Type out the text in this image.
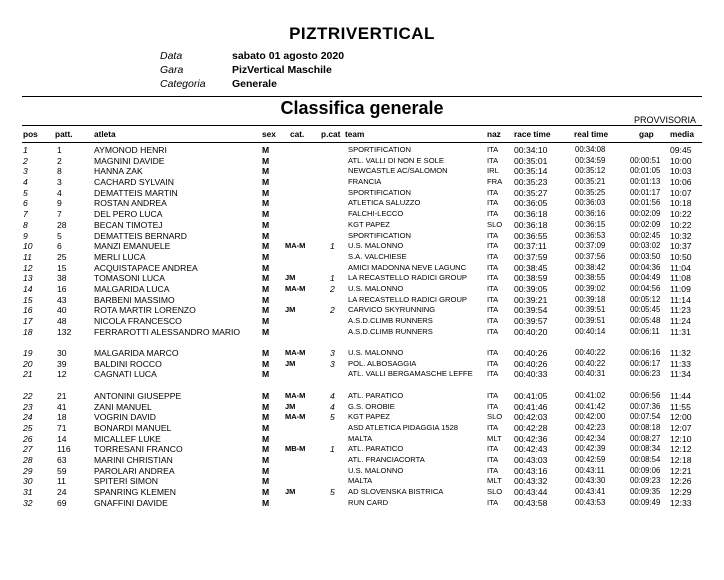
PIZTRIVERTICAL
Data	sabato 01 agosto 2020
Gara	PizVertical Maschile
Categoria	Generale
Classifica generale
PROVVISORIA
pos patt.	atleta	sex cat. p.cat team	naz race time	real time	gap media
1	1	AYMONOD HENRI	M	SPORTIFICATION	ITA 00:34:10	00:34:08	09:45
2	2	MAGNINI DAVIDE	M	ATL. VALLI DI NON E SOLE	ITA 00:35:01	00:34:59	00:00:51 10:00
3	8	HANNA ZAK	M	NEWCASTLE AC/SALOMON	IRL 00:35:14	00:35:12	00:01:05 10:03
4	3	CACHARD SYLVAIN	M	FRANCIA	FRA 00:35:23	00:35:21	00:01:13 10:06
5	4	DEMATTEIS MARTIN	M	SPORTIFICATION	ITA 00:35:27	00:35:25	00:01:17 10:07
6	9	ROSTAN ANDREA	M	ATLETICA SALUZZO	ITA 00:36:05	00:36:03	00:01:56 10:18
7	7	DEL PERO LUCA	M	FALCHI-LECCO	ITA 00:36:18	00:36:16	00:02:09 10:22
8	28	BECAN TIMOTEJ	M	KGT PAPEZ	SLO 00:36:18	00:36:15	00:02:09 10:22
9	5	DEMATTEIS BERNARD	M	SPORTIFICATION	ITA 00:36:55	00:36:53	00:02:45 10:32
10	6	MANZI EMANUELE	M MA-M	1 U.S. MALONNO	ITA 00:37:11	00:37:09	00:03:02 10:37
11	25	MERLI LUCA	M	S.A. VALCHIESE	ITA 00:37:59	00:37:56	00:03:50 10:50
12	15	ACQUISTAPACE ANDREA	M	AMICI MADONNA NEVE LAGUNC	ITA 00:38:45	00:38:42	00:04:36 11:04
13	38	TOMASONI LUCA	M JM	1 LA RECASTELLO RADICI GROUP	ITA 00:38:59	00:38:55	00:04:49 11:08
14	16	MALGARIDA LUCA	M MA-M	2 U.S. MALONNO	ITA 00:39:05	00:39:02	00:04:56 11:09
15	43	BARBENI MASSIMO	M	LA RECASTELLO RADICI GROUP	ITA 00:39:21	00:39:18	00:05:12 11:14
16	40	ROTA MARTIR LORENZO	M JM	2 CARVICO SKYRUNNING	ITA 00:39:54	00:39:51	00:05:45 11:23
17	48	NICOLA FRANCESCO	M	A.S.D.CLIMB RUNNERS	ITA 00:39:57	00:39:51	00:05:48 11:24
18	132	FERRAROTTI ALESSANDRO MARIO	M	A.S.D.CLIMB RUNNERS	ITA 00:40:20	00:40:14	00:06:11 11:31
19	30	MALGARIDA MARCO	M MA-M	3 U.S. MALONNO	ITA 00:40:26	00:40:22	00:06:16 11:32
20	39	BALDINI ROCCO	M JM	3 POL. ALBOSAGGIA	ITA 00:40:26	00:40:22	00:06:17 11:33
21	12	CAGNATI LUCA	M	ATL. VALLI BERGAMASCHE LEFFE	ITA 00:40:33	00:40:31	00:06:23 11:34
22	21	ANTONINI GIUSEPPE	M MA-M	4 ATL. PARATICO	ITA 00:41:05	00:41:02	00:06:56 11:44
23	41	ZANI MANUEL	M JM	4 G.S. OROBIE	ITA 00:41:46	00:41:42	00:07:36 11:55
24	18	VOGRIN DAVID	M MA-M	5 KGT PAPEZ	SLO 00:42:03	00:42:00	00:07:54 12:00
25	71	BONARDI MANUEL	M	ASD ATLETICA PIDAGGIA 1528	ITA 00:42:28	00:42:23	00:08:18 12:07
26	14	MICALLEF LUKE	M	MALTA	MLT 00:42:36	00:42:34	00:08:27 12:10
27	116	TORRESANI FRANCO	M MB-M	1 ATL. PARATICO	ITA 00:42:43	00:42:39	00:08:34 12:12
28	63	MARINI CHRISTIAN	M	ATL. FRANCIACORTA	ITA 00:43:03	00:42:59	00:08:54 12:18
29	59	PAROLARI ANDREA	M	U.S. MALONNO	ITA 00:43:16	00:43:11	00:09:06 12:21
30	11	SPITERI SIMON	M	MALTA	MLT 00:43:32	00:43:30	00:09:23 12:26
31	24	SPANRING KLEMEN	M JM	5 AD SLOVENSKA BISTRICA	SLO 00:43:44	00:43:41	00:09:35 12:29
32	69	GNAFFINI DAVIDE	M	RUN CARD	ITA 00:43:58	00:43:53	00:09:49 12:33
